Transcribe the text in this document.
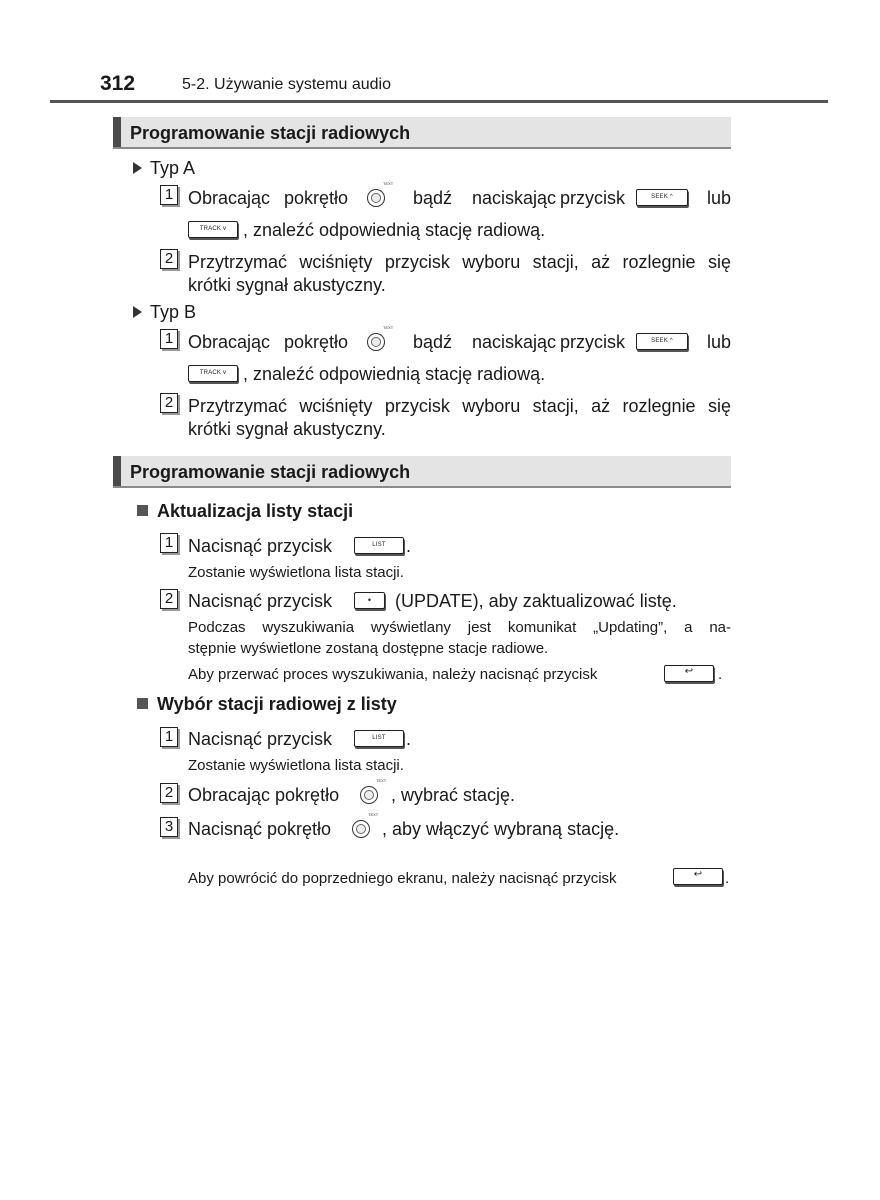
312	5-2. Używanie systemu audio
Programowanie stacji radiowych
Typ A
1 Obracając pokrętło
TEXT
bądź naciskając przycisk	SEEK ^	lub
TRACK v , znaleźć odpowiednią stację radiową.
2 Przytrzymać wciśnięty przycisk wyboru stacji, aż rozlegnie się
krótki sygnał akustyczny.
Typ B
1 Obracając pokrętło
TEXT
bądź naciskając przycisk	SEEK ^	lub
TRACK v , znaleźć odpowiednią stację radiową.
2 Przytrzymać wciśnięty przycisk wyboru stacji, aż rozlegnie się
krótki sygnał akustyczny.
Programowanie stacji radiowych
Aktualizacja listy stacji
1 Nacisnąć przycisk	LIST	.
Zostanie wyświetlona lista stacji.
2 Nacisnąć przycisk	•	(UPDATE), aby zaktualizować listę.
Podczas wyszukiwania wyświetlany jest komunikat „Updating”, a na-
stępnie wyświetlone zostaną dostępne stacje radiowe.
Aby przerwać proces wyszukiwania, należy nacisnąć przycisk	↩	.
Wybór stacji radiowej z listy
1 Nacisnąć przycisk	LIST	.
Zostanie wyświetlona lista stacji.
2 Obracając pokrętło
TEXT
, wybrać stację.
3 Nacisnąć pokrętło
TEXT
, aby włączyć wybraną stację.
Aby powrócić do poprzedniego ekranu, należy nacisnąć przycisk	↩	.
